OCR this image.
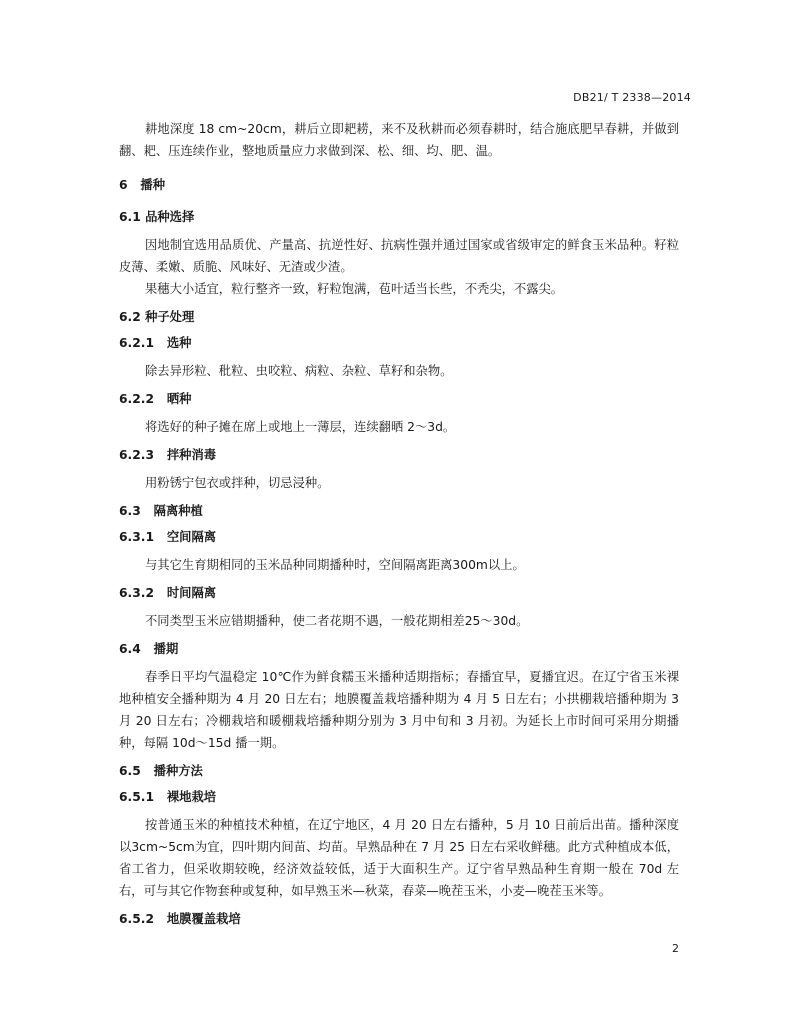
DB21/ T 2338—2014

耕地深度 18 cm~20cm，耕后立即耙耢，来不及秋耕而必须春耕时，结合施底肥早春耕，并做到翻、耙、压连续作业，整地质量应力求做到深、松、细、均、肥、温。

6 播种
6.1 品种选择

因地制宜选用品质优、产量高、抗逆性好、抗病性强并通过国家或省级审定的鲜食玉米品种。籽粒皮薄、柔嫩、质脆、风味好、无渣或少渣。

果穗大小适宜，粒行整齐一致，籽粒饱满，苞叶适当长些，不秃尖，不露尖。

6.2 种子处理
6.2.1 选种

除去异形粒、秕粒、虫咬粒、病粒、杂粒、草籽和杂物。

6.2.2 晒种

将选好的种子摊在席上或地上一薄层，连续翻晒 2～3d。

6.2.3 拌种消毒

用粉锈宁包衣或拌种，切忌浸种。

6.3 隔离种植
6.3.1 空间隔离

与其它生育期相同的玉米品种同期播种时，空间隔离距离300m以上。

6.3.2 时间隔离

不同类型玉米应错期播种，使二者花期不遇，一般花期相差25～30d。

6.4 播期

春季日平均气温稳定 10℃作为鲜食糯玉米播种适期指标；春播宜早，夏播宜迟。在辽宁省玉米裸地种植安全播种期为 4 月 20 日左右；地膜覆盖栽培播种期为 4 月 5 日左右；小拱棚栽培播种期为 3 月 20 日左右；冷棚栽培和暖棚栽培播种期分别为 3 月中旬和 3 月初。为延长上市时间可采用分期播种，每隔 10d～15d 播一期。

6.5 播种方法
6.5.1 裸地栽培

按普通玉米的种植技术种植，在辽宁地区，4 月 20 日左右播种，5 月 10 日前后出苗。播种深度以3cm~5cm为宜，四叶期内间苗、均苗。早熟品种在 7 月 25 日左右采收鲜穗。此方式种植成本低，省工省力，但采收期较晚，经济效益较低，适于大面积生产。辽宁省早熟品种生育期一般在 70d 左右，可与其它作物套种或复种，如早熟玉米—秋菜，春菜—晚茬玉米，小麦—晚茬玉米等。

6.5.2 地膜覆盖栽培
2
